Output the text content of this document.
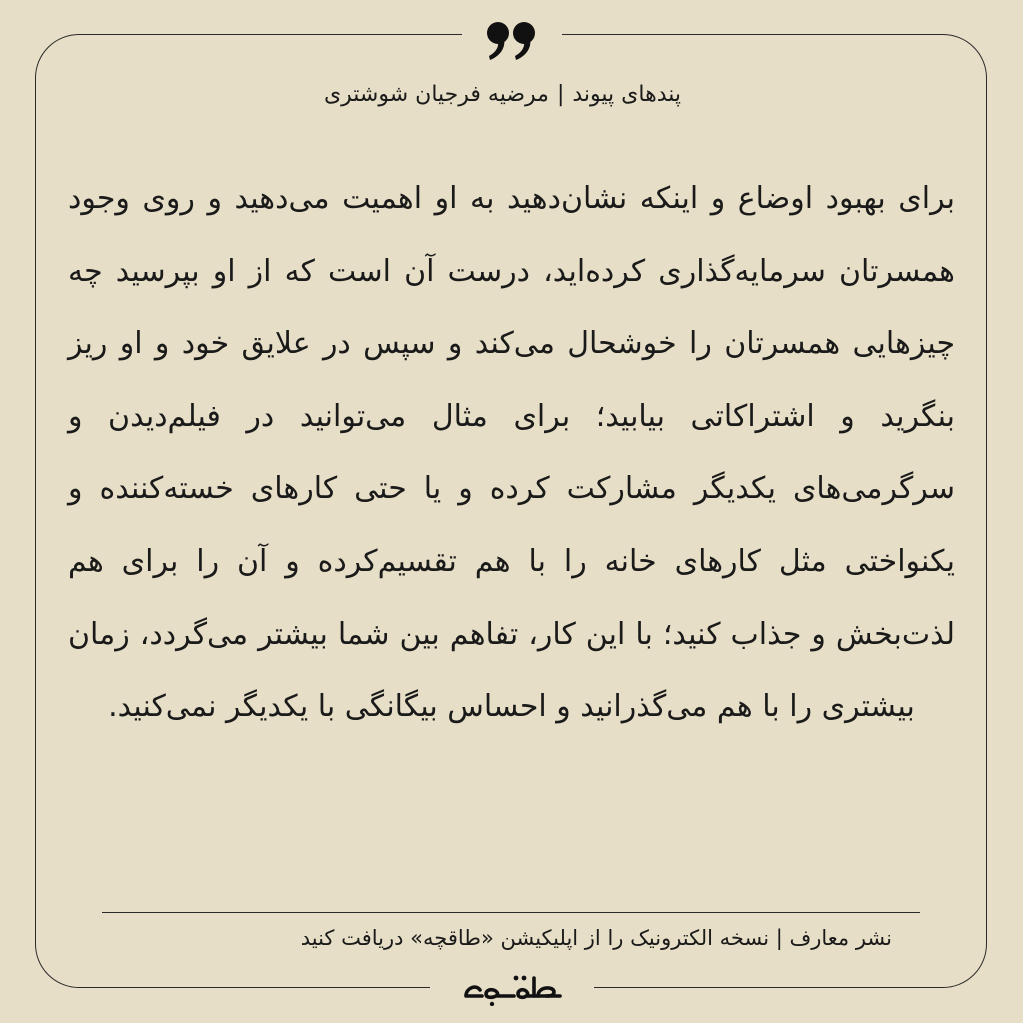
پندهای پیوند|مرضیه فرجیان شوشتری
برای بهبود اوضاع و اینکه نشان‌دهید به او اهمیت می‌دهید و روی وجود همسرتان سرمایه‌گذاری کرده‌اید، درست آن است که از او بپرسید چه چیزهایی همسرتان را خوشحال می‌کند و سپس در علایق خود و او ریز بنگرید و اشتراکاتی بیابید؛ برای مثال می‌توانید در فیلم‌دیدن و سرگرمی‌های یکدیگر مشارکت کرده و یا حتی کارهای خسته‌کننده و یکنواختی مثل کارهای خانه را با هم تقسیم‌کرده و آن را برای هم لذت‌بخش و جذاب کنید؛ با این کار، تفاهم بین شما بیشتر می‌گردد، زمان بیشتری را با هم می‌گذرانید و احساس بیگانگی با یکدیگر نمی‌کنید.
نشر معارف | نسخه الکترونیک را از اپلیکیشن «طاقچه» دریافت کنید
